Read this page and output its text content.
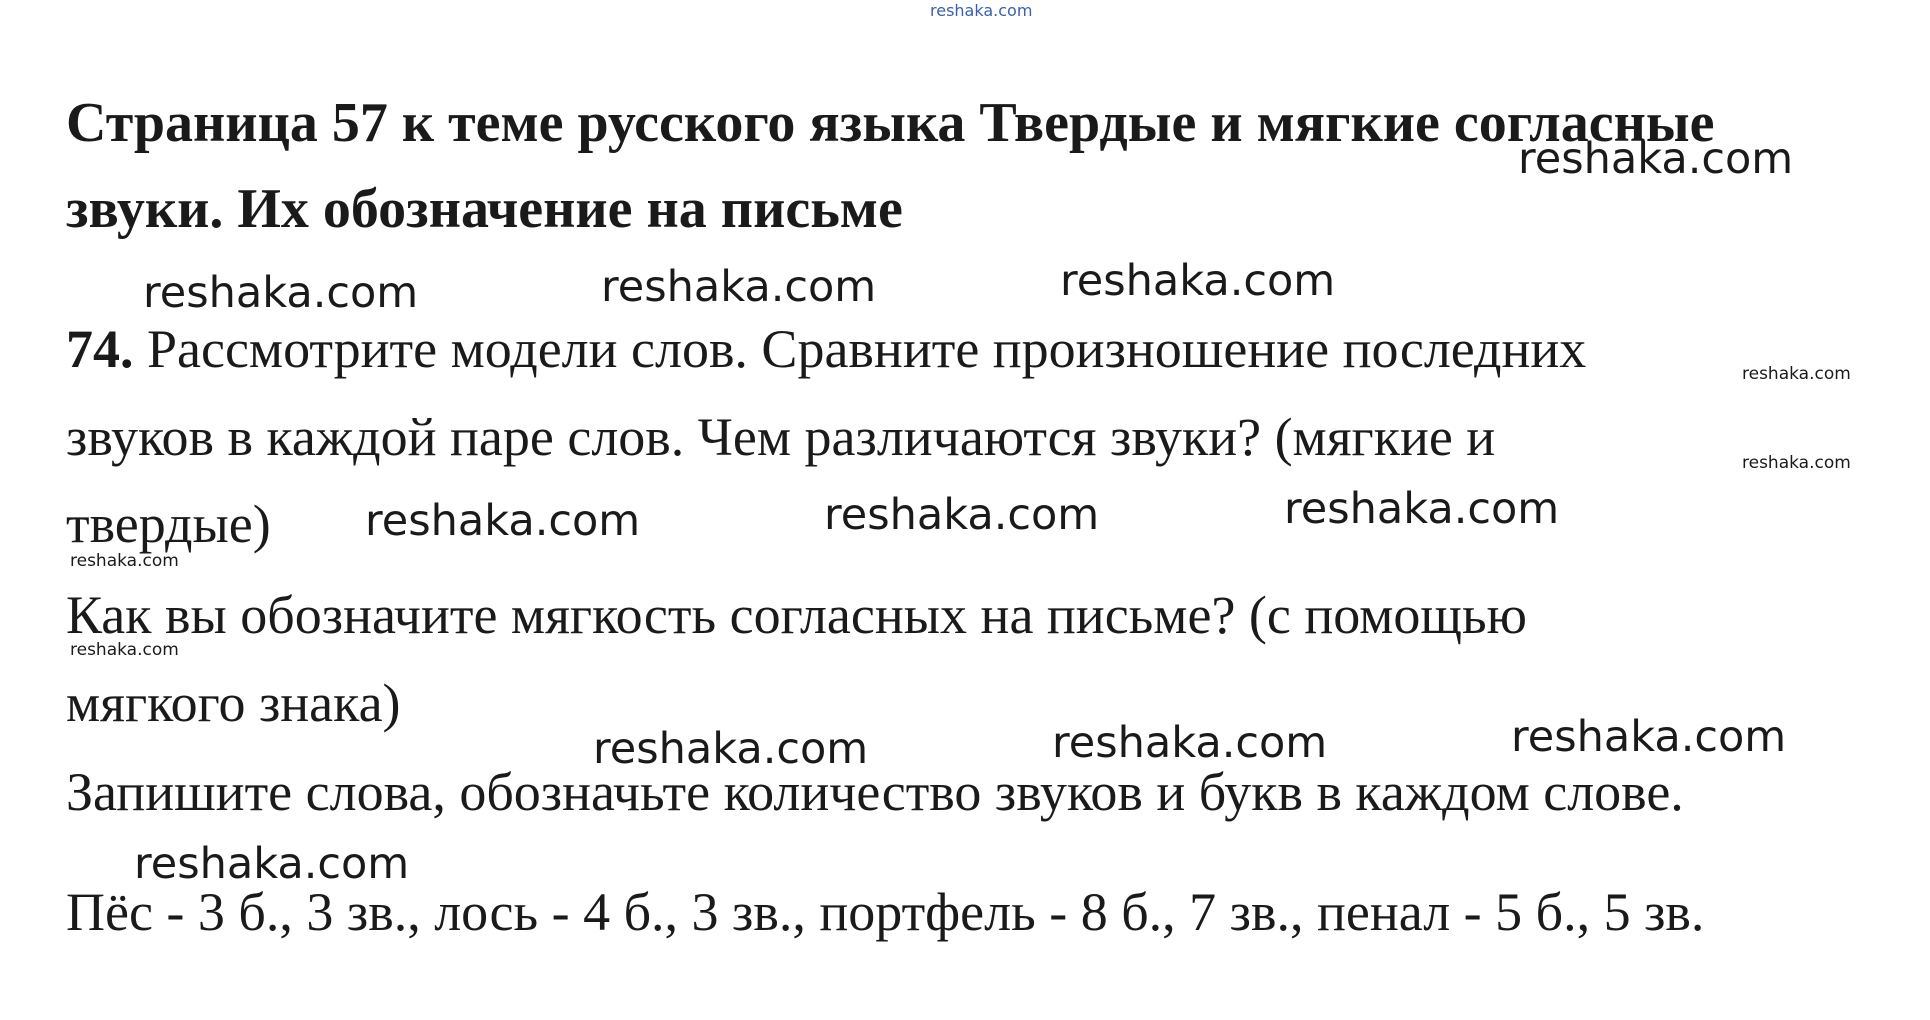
reshaka.com
Страница 57 к теме русского языка Твердые и мягкие согласные
звуки. Их обозначение на письме
74. Рассмотрите модели слов. Сравните произношение последних
звуков в каждой паре слов. Чем различаются звуки? (мягкие и
твердые)
Как вы обозначите мягкость согласных на письме? (с помощью
мягкого знака)
Запишите слова, обозначьте количество звуков и букв в каждом слове.
Пёс - 3 б., 3 зв., лось - 4 б., 3 зв., портфель - 8 б., 7 зв., пенал - 5 б., 5 зв.
reshaka.com
reshaka.com	reshaka.com	reshaka.com
reshaka.com
reshaka.com
reshaka.com	reshaka.com	reshaka.com
reshaka.com
reshaka.com
reshaka.com	reshaka.com	reshaka.com
reshaka.com
